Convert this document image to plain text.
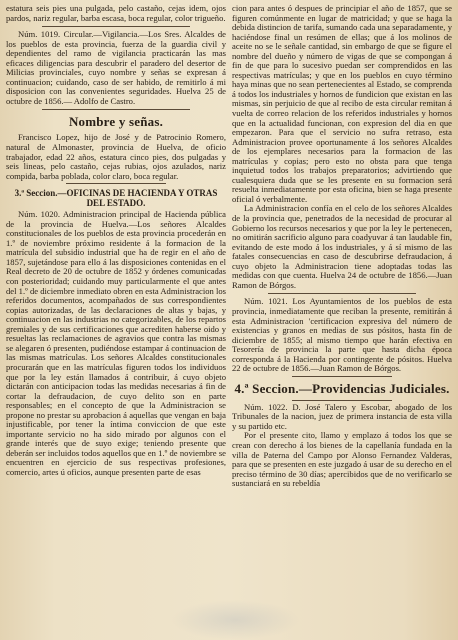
estatura seis pies una pulgada, pelo castaño, cejas idem, ojos pardos, nariz regular, barba escasa, boca regular, color trigueño.

Núm. 1019. Circular.—Vigilancia.—Los Sres. Alcaldes de los pueblos de esta provincia, fuerza de la guardia civil y dependientes del ramo de vigilancia practicarán las mas eficaces diligencias para descubrir el paradero del desertor de Milicias provinciales, cuyo nombre y señas se expresan á continuacion; cuidando, caso de ser habido, de remitirlo á mi disposicion con las convenientes seguridades. Huelva 25 de octubre de 1856.— Adolfo de Castro.

Nombre y señas.

Francisco Lopez, hijo de José y de Patrocinio Romero, natural de Almonaster, provincia de Huelva, de oficio trabajador, edad 22 años, estatura cinco pies, dos pulgadas y seis lineas, pelo castaño, cejas rubias, ojos azulados, nariz compida, barba poblada, color claro, boca regular.

3.ª Seccion.—OFICINAS DE HACIENDA Y OTRAS DEL ESTADO.

Núm. 1020. Administracion principal de Hacienda pública de la provincia de Huelva.—Los señores Alcaldes constitucionales de los pueblos de esta provincia procederán en 1.º de noviembre próximo residente á la formacion de la matrícula del subsidio industrial que ha de regir en el año de 1857, sujetándose para ello á las disposiciones contenidas en el Real decreto de 20 de octubre de 1852 y órdenes comunicadas con posterioridad; cuidando muy particularmente el que antes del 1.º de diciembre inmediato obren en esta Administracion los referidos documentos, acompañados de sus correspondientes copias autorizadas, de las declaraciones de altas y bajas, y continuacion en las industrias no categorizables, de los repartos gremiales y de sus certificaciones que acrediten haberse oido y resueltas las reclamaciones de agravios que contra las mismas se alegaren ó presenten, pudiéndose estampar á continuacion de las mismas matrículas. Los señores Alcaldes constitucionales procurarán que en las matrículas figuren todos los individuos que por la ley están llamados á contribuir, á cuyo objeto dictarán con anticipacion todas las medidas necesarias á fin de cortar la defraudacion, de cuyo delito son en parte responsables; en el concepto de que la Administracion se propone no prestar su aprobacion á aquellas que vengan en baja injustificable, por tener la íntima conviccion de que este importante servicio no ha sido mirado por algunos con el grande interés que de suyo exige; teniendo presente que deberán ser incluidos todos aquellos que en 1.º de noviembre se encuentren en ejercicio de sus respectivas profesiones, comercio, artes ú oficios, aunque presenten parte de esas

cion para antes ó despues de principiar el año de 1857, que se figuren comúnmente en lugar de matricidad; y que se haga la debida distincion de tarifa, sumando cada una separadamente, y haciéndose final un resúmen de ellas; que á los molinos de aceite no se le señale cantidad, sin embargo de que se figure el nombre del dueño y número de vigas de que se compongan á fin de que para lo sucesivo puedan ser comprendidos en las respectivas matrículas; y que en los pueblos en cuyo término haya minas que no sean pertenecientes al Estado, se comprenda á todos los industriales y hornos de fundicion que existan en las mismas, sin perjuicio de que al recibo de esta circular remitan á vuelta de correo relacion de los referidos industriales y hornos que en la actualidad funcionan, con expresion del dia en que empezaron. Para que el servicio no sufra retraso, esta Administracion provee oportunamente á los señores Alcaldes de los ejemplares necesarios para la formacion de las matrículas y copias; pero esto no obsta para que tenga inquietud todos los trabajos preparatorios; advirtiendo que cualesquiera duda que se les presente en su formacion será resuelta inmediatamente por esta oficina, bien se haga presente oficial ó verbalmente.

La Administracion confía en el celo de los señores Alcaldes de la provincia que, penetrados de la necesidad de procurar al Gobierno los recursos necesarios y que por la ley le pertenecen, no omitirán sacrificio alguno para coadyuvar á tan laudable fin, evitando de este modo á los industriales, y á sí mismo de las fatales consecuencias en caso de descubrirse defraudacion, á cuyo objeto la Administracion tiene adoptadas todas las medidas con que cuenta. Huelva 24 de octubre de 1856.—Juan Ramon de Bórgos.

Núm. 1021. Los Ayuntamientos de los pueblos de esta provincia, inmediatamente que reciban la presente, remitirán á esta Administracion 'certificacion expresiva del número de existencias y granos en medias de sus pósitos, hasta fin de diciembre de 1855; al mismo tiempo que harán efectiva en Tesorería de provincia la parte que hasta dicha época corresponda á la Hacienda por contingente de pósitos. Huelva 22 de octubre de 1856.—Juan Ramon de Bórgos.

4.ª Seccion.—Providencias Judiciales.

Núm. 1022. D. José Talero y Escobar, abogado de los Tribunales de la nacion, juez de primera instancia de esta villa y su partido etc.

Por el presente cito, llamo y emplazo á todos los que se crean con derecho á los bienes de la capellanía fundada en la villa de Paterna del Campo por Alonso Fernandez Valderas, para que se presenten en este juzgado á usar de su derecho en el preciso término de 30 días; apercibidos que de no verificarlo se sustanciará en su rebeldía
